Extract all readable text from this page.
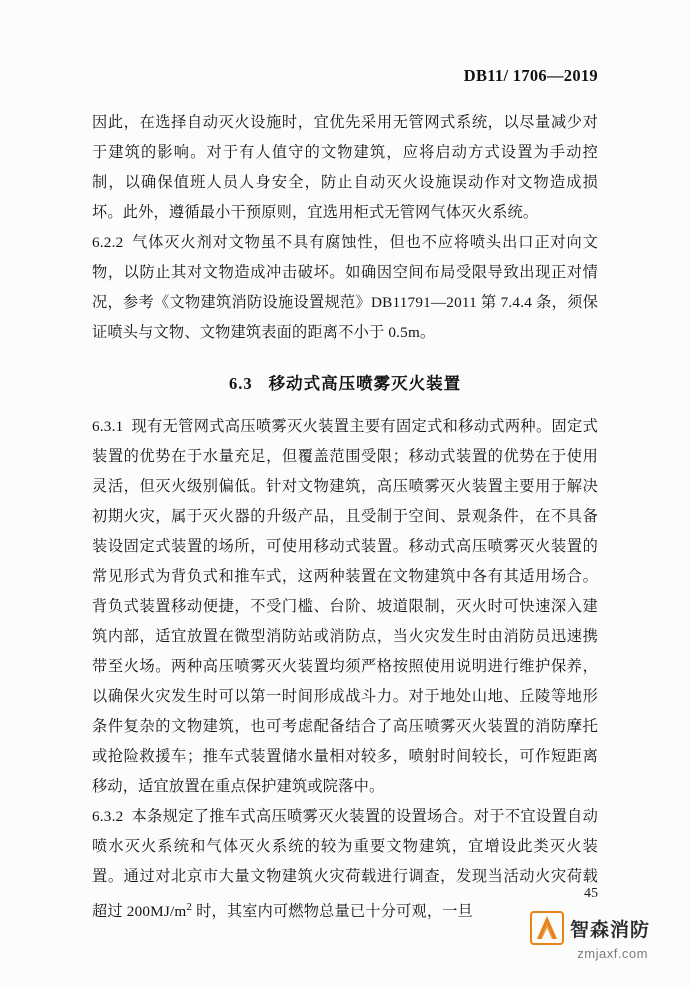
DB11/ 1706—2019

因此，在选择自动灭火设施时，宜优先采用无管网式系统，以尽量减少对于建筑的影响。对于有人值守的文物建筑，应将启动方式设置为手动控制，以确保值班人员人身安全，防止自动灭火设施误动作对文物造成损坏。此外，遵循最小干预原则，宜选用柜式无管网气体灭火系统。

6.2.2 气体灭火剂对文物虽不具有腐蚀性，但也不应将喷头出口正对向文物，以防止其对文物造成冲击破坏。如确因空间布局受限导致出现正对情况，参考《文物建筑消防设施设置规范》DB11791—2011 第 7.4.4 条，须保证喷头与文物、文物建筑表面的距离不小于 0.5m。

6.3 移动式高压喷雾灭火装置

6.3.1 现有无管网式高压喷雾灭火装置主要有固定式和移动式两种。固定式装置的优势在于水量充足，但覆盖范围受限；移动式装置的优势在于使用灵活，但灭火级别偏低。针对文物建筑，高压喷雾灭火装置主要用于解决初期火灾，属于灭火器的升级产品，且受制于空间、景观条件，在不具备装设固定式装置的场所，可使用移动式装置。移动式高压喷雾灭火装置的常见形式为背负式和推车式，这两种装置在文物建筑中各有其适用场合。背负式装置移动便捷，不受门槛、台阶、坡道限制，灭火时可快速深入建筑内部，适宜放置在微型消防站或消防点，当火灾发生时由消防员迅速携带至火场。两种高压喷雾灭火装置均须严格按照使用说明进行维护保养，以确保火灾发生时可以第一时间形成战斗力。对于地处山地、丘陵等地形条件复杂的文物建筑，也可考虑配备结合了高压喷雾灭火装置的消防摩托或抢险救援车；推车式装置储水量相对较多，喷射时间较长，可作短距离移动，适宜放置在重点保护建筑或院落中。

6.3.2 本条规定了推车式高压喷雾灭火装置的设置场合。对于不宜设置自动喷水灭火系统和气体灭火系统的较为重要文物建筑，宜增设此类灭火装置。通过对北京市大量文物建筑火灾荷载进行调查，发现当活动火灾荷载超过 $200MJ/m^2$ 时，其室内可燃物总量已十分可观，一旦

45
智森消防
zmjaxf.com
